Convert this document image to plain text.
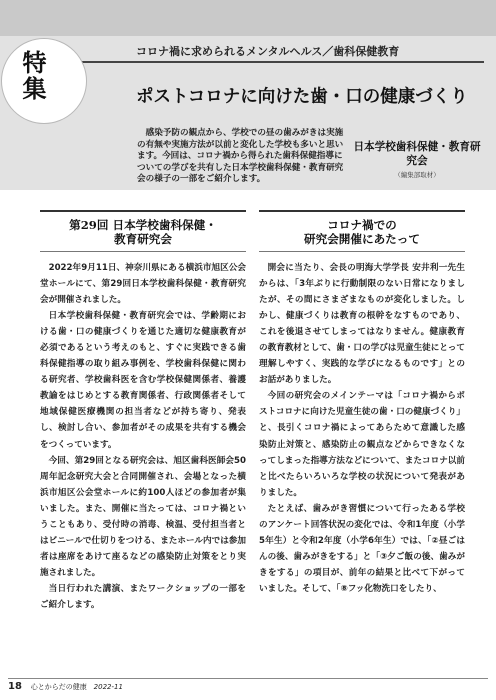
コロナ禍に求められるメンタルヘルス／歯科保健教育
特集	ポストコロナに向けた歯・口の健康づくり

感染予防の観点から、学校での昼の歯みがきは実施の有無や実施方法が以前と変化した学校も多いと思います。今回は、コロナ禍から得られた歯科保健指導についての学びを共有した日本学校歯科保健・教育研究会の様子の一部をご紹介します。

日本学校歯科保健・教育研究会
（編集部取材）
第29回 日本学校歯科保健・
教育研究会

2022年9月11日、神奈川県にある横浜市旭区公会堂ホールにて、第29回日本学校歯科保健・教育研究会が開催されました。

日本学校歯科保健・教育研究会では、学齢期における歯・口の健康づくりを通じた適切な健康教育が必須であるという考えのもと、すぐに実践できる歯科保健指導の取り組み事例を、学校歯科保健に関わる研究者、学校歯科医を含む学校保健関係者、養護教諭をはじめとする教育関係者、行政関係者そして地域保健医療機関の担当者などが持ち寄り、発表し、検討し合い、参加者がその成果を共有する機会をつくっています。

今回、第29回となる研究会は、旭区歯科医師会50周年記念研究大会と合同開催され、会場となった横浜市旭区公会堂ホールに約100人ほどの参加者が集いました。また、開催に当たっては、コロナ禍ということもあり、受付時の消毒、検温、受付担当者とはビニールで仕切りをつける、またホール内では参加者は座席をあけて座るなどの感染防止対策をとり実施されました。

当日行われた講演、またワークショップの一部をご紹介します。

コロナ禍での
研究会開催にあたって

開会に当たり、会長の明海大学学長 安井利一先生からは、「3年ぶりに行動制限のない日常になりましたが、その間にさまざまなものが変化しました。しかし、健康づくりは教育の根幹をなすものであり、これを後退させてしまってはなりません。健康教育の教育教材として、歯・口の学びは児童生徒にとって理解しやすく、実践的な学びになるものです」とのお話がありました。

今回の研究会のメインテーマは「コロナ禍からポストコロナに向けた児童生徒の歯・口の健康づくり」と、長引くコロナ禍によってあらためて意識した感染防止対策と、感染防止の観点などからできなくなってしまった指導方法などについて、またコロナ以前と比べたらいろいろな学校の状況について発表がありました。

たとえば、歯みがき習慣について行ったある学校のアンケート回答状況の変化では、令和1年度（小学5年生）と令和2年度（小学6年生）では、「②昼ごはんの後、歯みがきをする」と「③夕ご飯の後、歯みがきをする」の項目が、前年の結果と比べて下がっていました。そして、「⑧フッ化物洗口をしたり、

18 心とからだの健康 2022-11
